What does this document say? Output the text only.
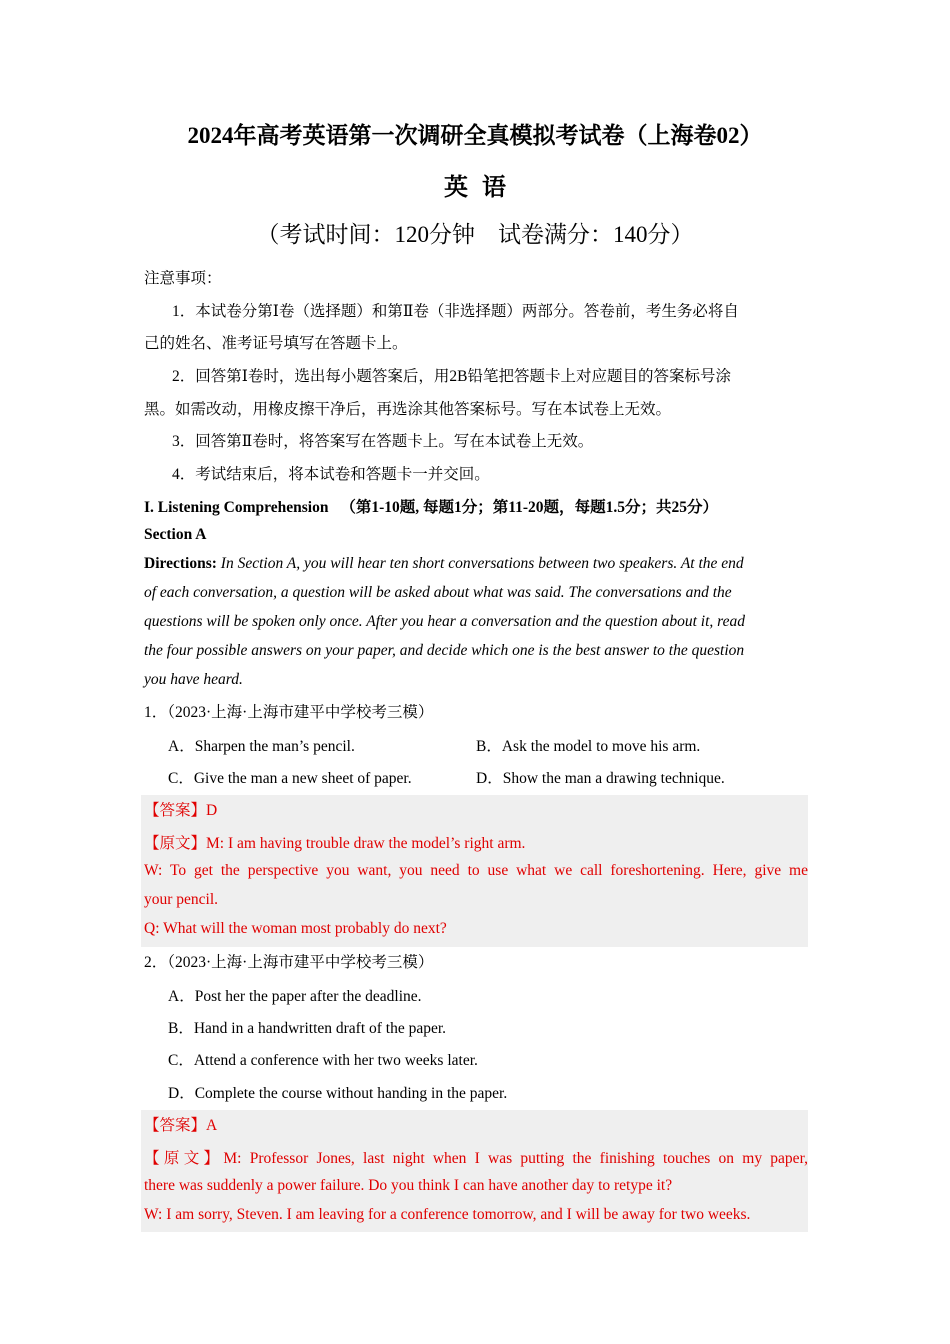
2024年高考英语第一次调研全真模拟考试卷（上海卷02）
英语
（考试时间：120分钟　试卷满分：140分）
注意事项：
1．本试卷分第Ⅰ卷（选择题）和第Ⅱ卷（非选择题）两部分。答卷前，考生务必将自
己的姓名、准考证号填写在答题卡上。
2．回答第Ⅰ卷时，选出每小题答案后，用2B铅笔把答题卡上对应题目的答案标号涂
黑。如需改动，用橡皮擦干净后，再选涂其他答案标号。写在本试卷上无效。
3．回答第Ⅱ卷时，将答案写在答题卡上。写在本试卷上无效。
4．考试结束后，将本试卷和答题卡一并交回。
I. Listening Comprehension （第1-10题, 每题1分；第11-20题，每题1.5分；共25分）
Section A
Directions: In Section A, you will hear ten short conversations between two speakers. At the end
of each conversation, a question will be asked about what was said. The conversations and the
questions will be spoken only once. After you hear a conversation and the question about it, read
the four possible answers on your paper, and decide which one is the best answer to the question
you have heard.
1．（2023·上海·上海市建平中学校考三模）
A．Sharpen the man’s pencil.	B．Ask the model to move his arm.
C．Give the man a new sheet of paper.	D．Show the man a drawing technique.
【答案】D
【原文】M: I am having trouble draw the model’s right arm.
W: To get the perspective you want, you need to use what we call foreshortening. Here, give me
your pencil.
Q: What will the woman most probably do next?
2．（2023·上海·上海市建平中学校考三模）
A．Post her the paper after the deadline.
B．Hand in a handwritten draft of the paper.
C．Attend a conference with her two weeks later.
D．Complete the course without handing in the paper.
【答案】A
【原文】M: Professor Jones, last night when I was putting the finishing touches on my paper,
there was suddenly a power failure. Do you think I can have another day to retype it?
W: I am sorry, Steven. I am leaving for a conference tomorrow, and I will be away for two weeks.
